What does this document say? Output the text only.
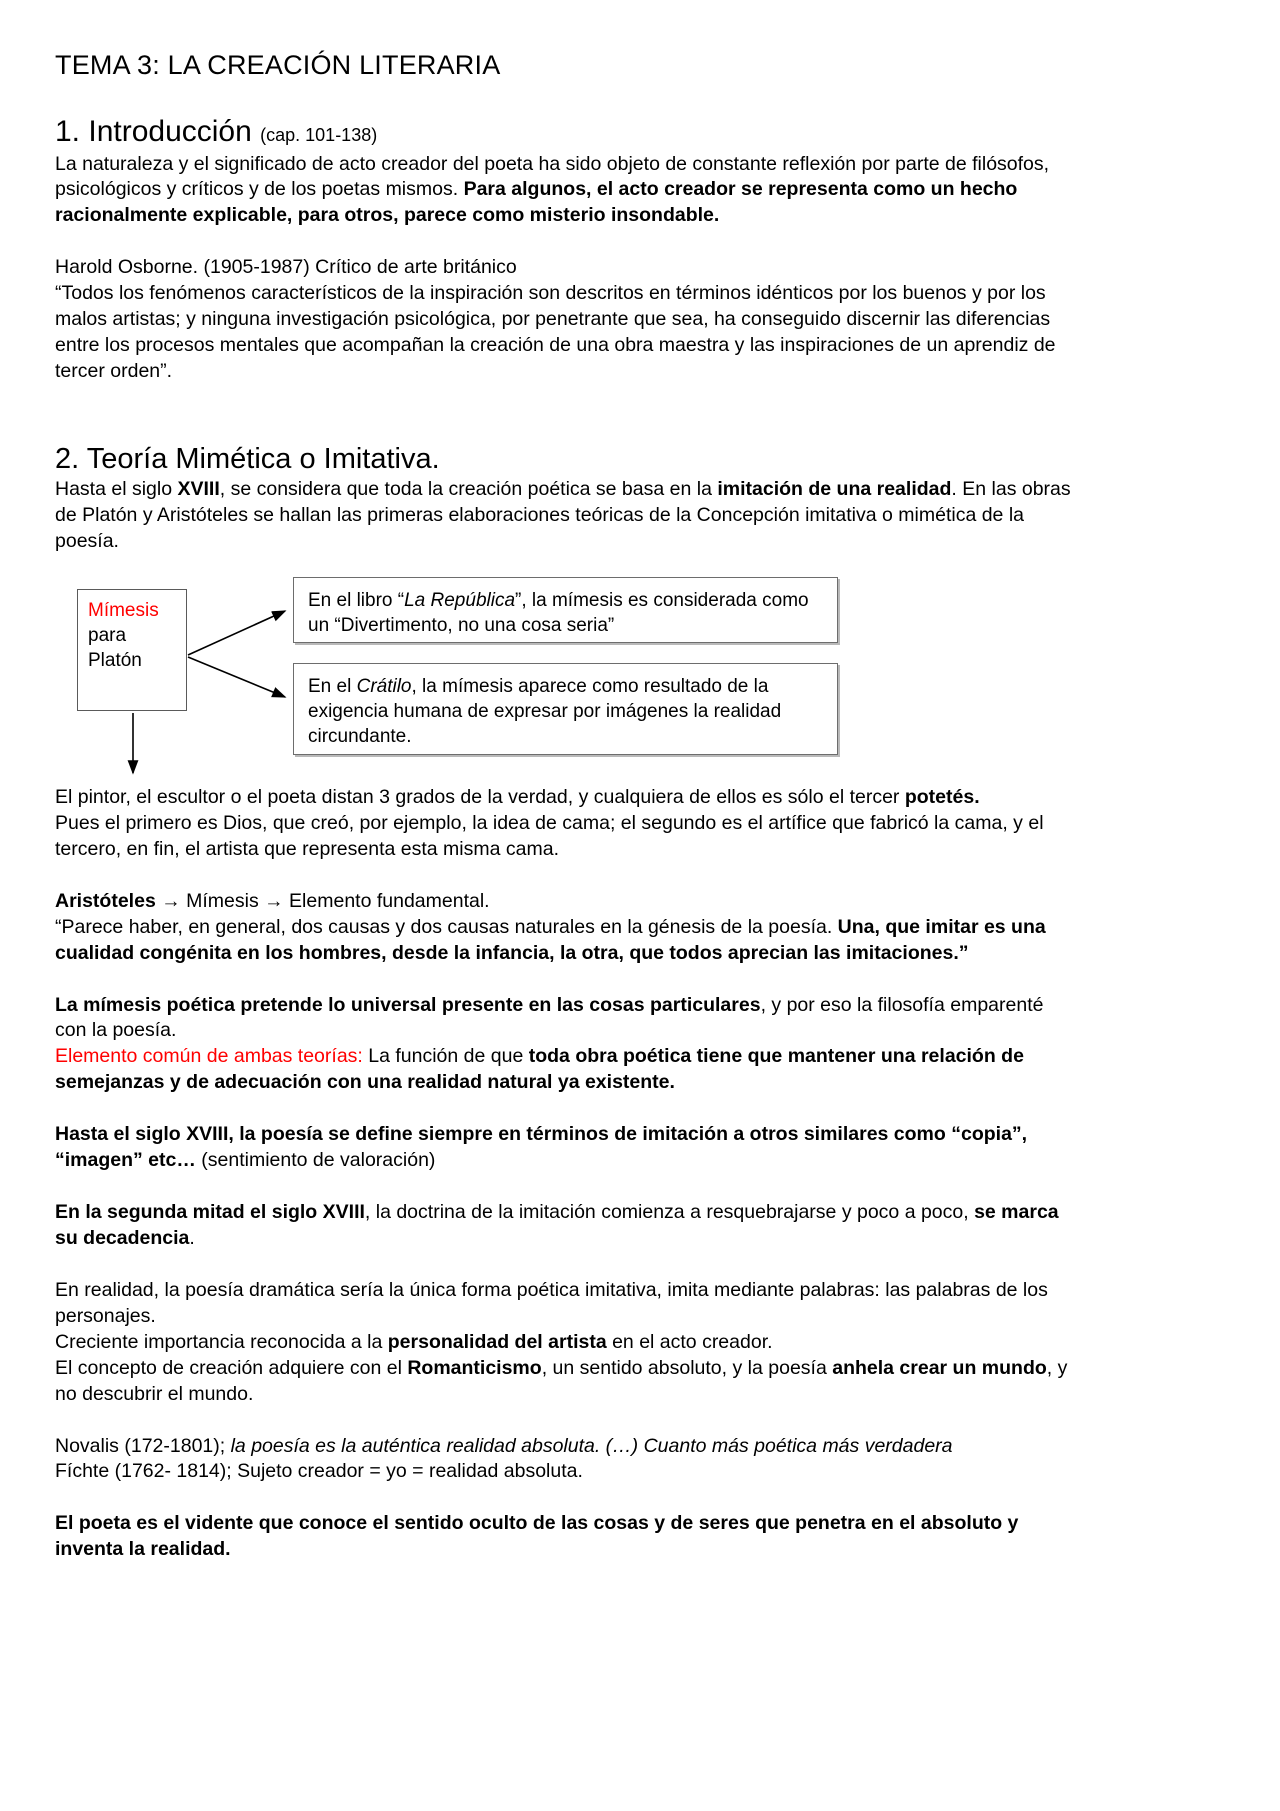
TEMA 3: LA CREACIÓN LITERARIA
1. Introducción (cap. 101-138)

La naturaleza y el significado de acto creador del poeta ha sido objeto de constante reflexión por parte de filósofos, psicológicos y críticos y de los poetas mismos. Para algunos, el acto creador se representa como un hecho racionalmente explicable, para otros, parece como misterio insondable.

Harold Osborne. (1905-1987) Crítico de arte británico

“Todos los fenómenos característicos de la inspiración son descritos en términos idénticos por los buenos y por los malos artistas; y ninguna investigación psicológica, por penetrante que sea, ha conseguido discernir las diferencias entre los procesos mentales que acompañan la creación de una obra maestra y las inspiraciones de un aprendiz de tercer orden”.

2. Teoría Mimética o Imitativa.

Hasta el siglo XVIII, se considera que toda la creación poética se basa en la imitación de una realidad. En las obras de Platón y Aristóteles se hallan las primeras elaboraciones teóricas de la Concepción imitativa o mimética de la poesía.

Mímesis
para
Platón
En el libro “La República”, la mímesis es considerada como un “Divertimento, no una cosa seria”
En el Crátilo, la mímesis aparece como resultado de la exigencia humana de expresar por imágenes la realidad circundante.

El pintor, el escultor o el poeta distan 3 grados de la verdad, y cualquiera de ellos es sólo el tercer potetés.
Pues el primero es Dios, que creó, por ejemplo, la idea de cama; el segundo es el artífice que fabricó la cama, y el tercero, en fin, el artista que representa esta misma cama.

Aristóteles → Mímesis → Elemento fundamental.

“Parece haber, en general, dos causas y dos causas naturales en la génesis de la poesía. Una, que imitar es una cualidad congénita en los hombres, desde la infancia, la otra, que todos aprecian las imitaciones.”

La mímesis poética pretende lo universal presente en las cosas particulares, y por eso la filosofía emparenté con la poesía.

Elemento común de ambas teorías: La función de que toda obra poética tiene que mantener una relación de semejanzas y de adecuación con una realidad natural ya existente.

Hasta el siglo XVIII, la poesía se define siempre en términos de imitación a otros similares como “copia”, “imagen” etc… (sentimiento de valoración)

En la segunda mitad el siglo XVIII, la doctrina de la imitación comienza a resquebrajarse y poco a poco, se marca su decadencia.

En realidad, la poesía dramática sería la única forma poética imitativa, imita mediante palabras: las palabras de los personajes.

Creciente importancia reconocida a la personalidad del artista en el acto creador.

El concepto de creación adquiere con el Romanticismo, un sentido absoluto, y la poesía anhela crear un mundo, y no descubrir el mundo.

Novalis (172-1801); la poesía es la auténtica realidad absoluta. (…) Cuanto más poética más verdadera

Fíchte (1762- 1814); Sujeto creador = yo = realidad absoluta.

El poeta es el vidente que conoce el sentido oculto de las cosas y de seres que penetra en el absoluto y inventa la realidad.
